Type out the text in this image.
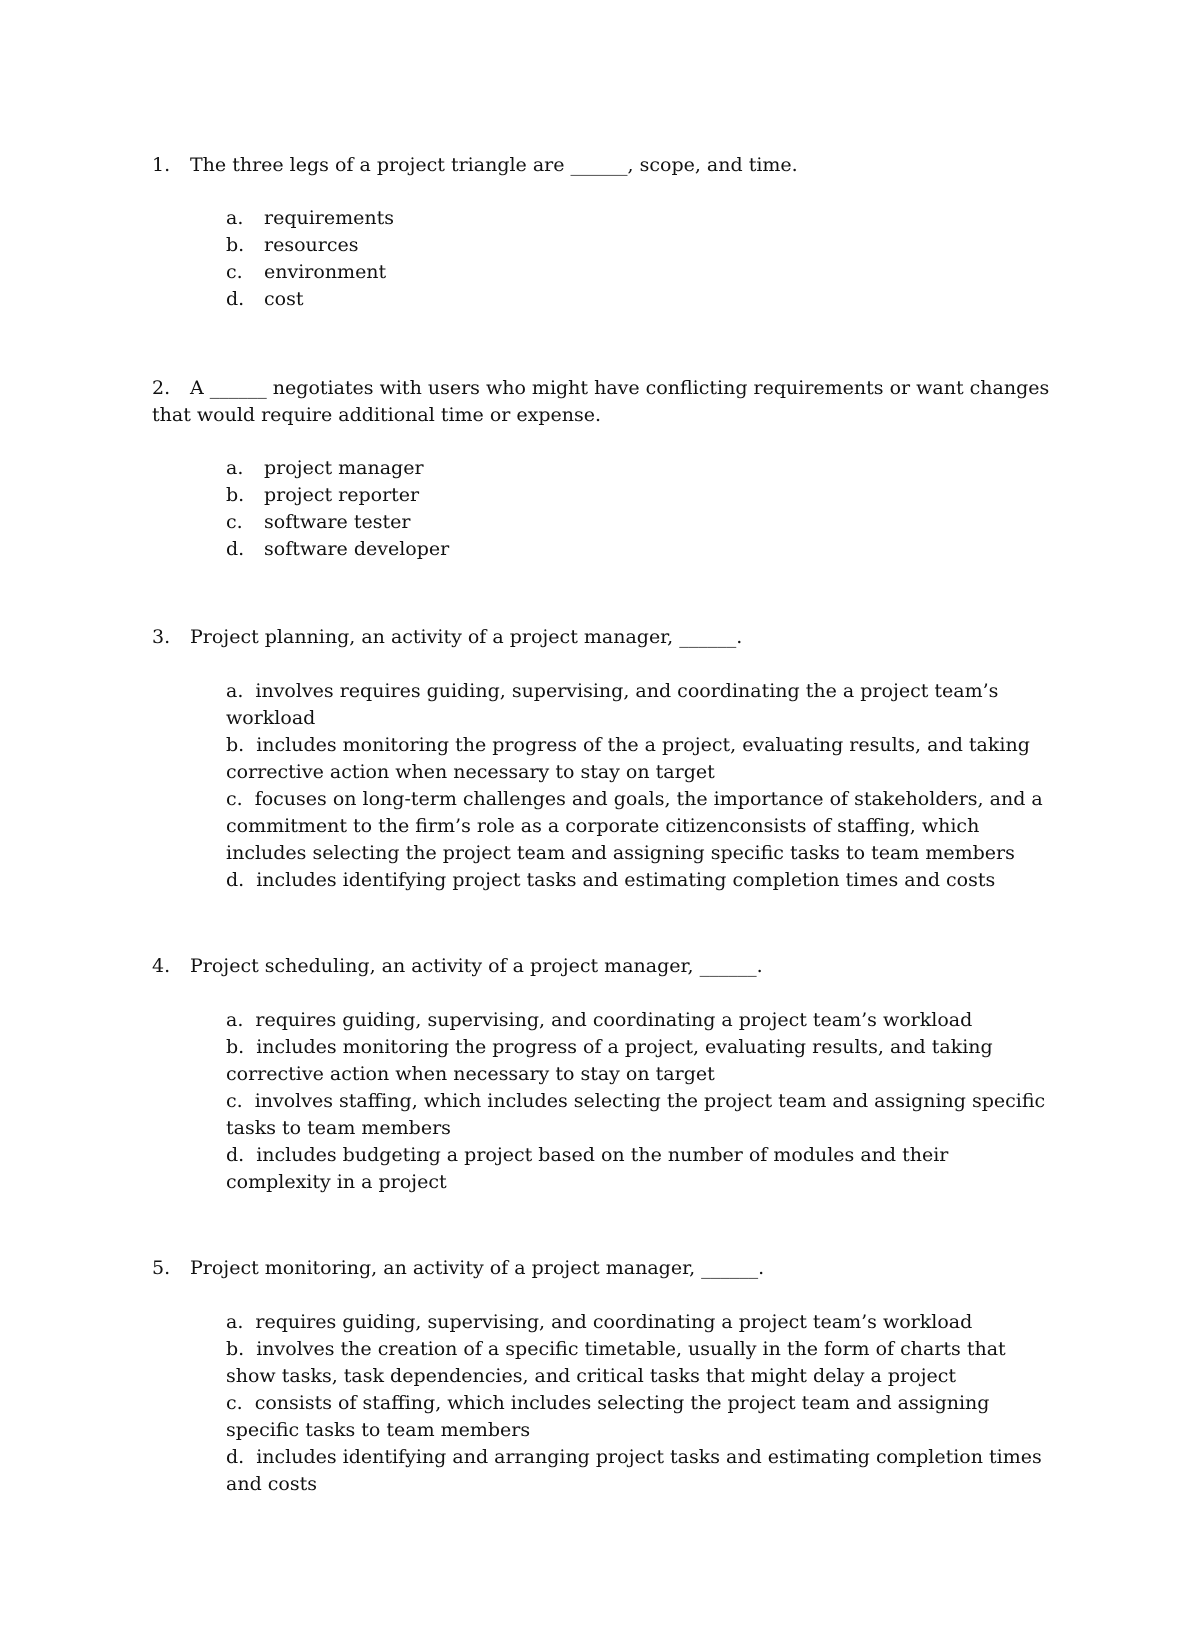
1. The three legs of a project triangle are ______, scope, and time.

a. requirements
b. resources
c. environment
d. cost

2. A ______ negotiates with users who might have conflicting requirements or want changes that would require additional time or expense.

a. project manager
b. project reporter
c. software tester
d. software developer

3. Project planning, an activity of a project manager, ______.

a. involves requires guiding, supervising, and coordinating the a project team’s workload
b. includes monitoring the progress of the a project, evaluating results, and taking corrective action when necessary to stay on target
c. focuses on long-term challenges and goals, the importance of stakeholders, and a commitment to the firm’s role as a corporate citizenconsists of staffing, which includes selecting the project team and assigning specific tasks to team members
d. includes identifying project tasks and estimating completion times and costs

4. Project scheduling, an activity of a project manager, ______.

a. requires guiding, supervising, and coordinating a project team’s workload
b. includes monitoring the progress of a project, evaluating results, and taking corrective action when necessary to stay on target
c. involves staffing, which includes selecting the project team and assigning specific tasks to team members
d. includes budgeting a project based on the number of modules and their complexity in a project

5. Project monitoring, an activity of a project manager, ______.

a. requires guiding, supervising, and coordinating a project team’s workload
b. involves the creation of a specific timetable, usually in the form of charts that show tasks, task dependencies, and critical tasks that might delay a project
c. consists of staffing, which includes selecting the project team and assigning specific tasks to team members
d. includes identifying and arranging project tasks and estimating completion times and costs
